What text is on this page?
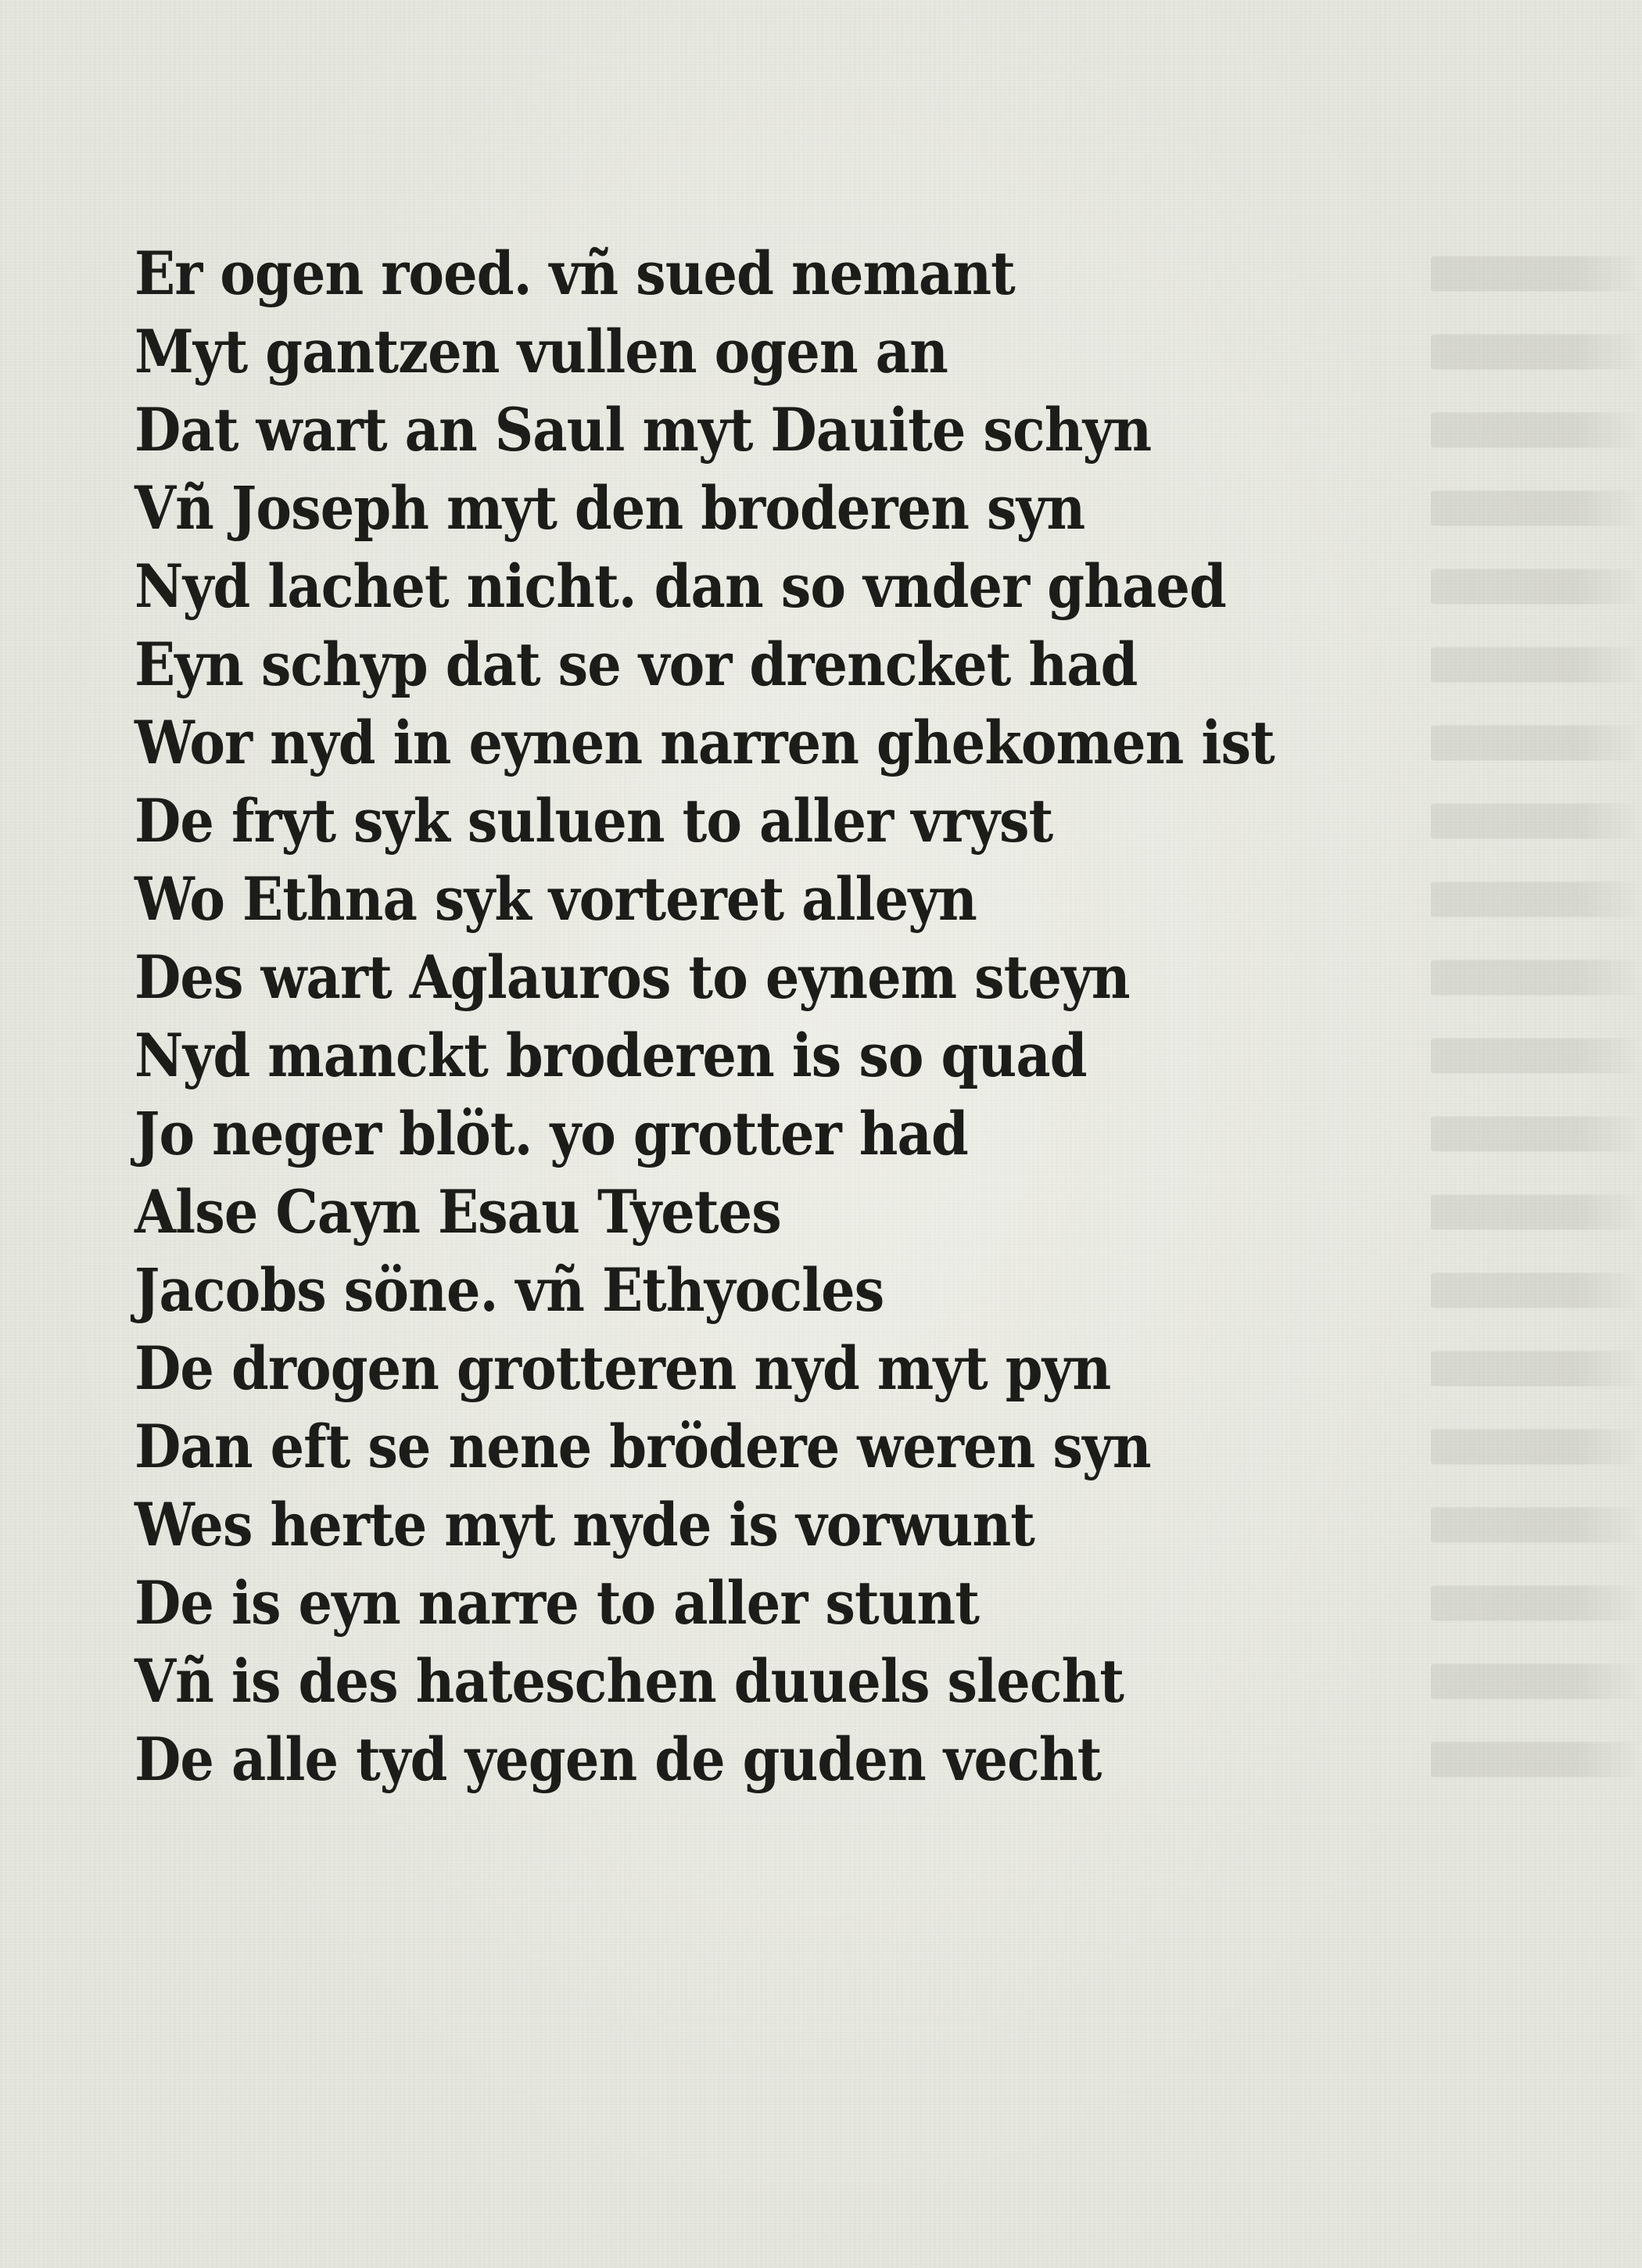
Er ogen roed. vñ sued nemant
Myt gantzen vullen ogen an
Dat wart an Saul myt Dauite schyn
Vñ Joseph myt den broderen syn
Nyd lachet nicht. dan so vnder ghaed
Eyn schyp dat se vor drencket had
Wor nyd in eynen narren ghekomen ist
De fryt syk suluen to aller vryst
Wo Ethna syk vorteret alleyn
Des wart Aglauros to eynem steyn
Nyd manckt broderen is so quad
Jo neger blöt. yo grotter had
Alse Cayn Esau Tyetes
Jacobs söne. vñ Ethyocles
De drogen grotteren nyd myt pyn
Dan eft se nene brödere weren syn
Wes herte myt nyde is vorwunt
De is eyn narre to aller stunt
Vñ is des hateschen duuels slecht
De alle tyd yegen de guden vecht
